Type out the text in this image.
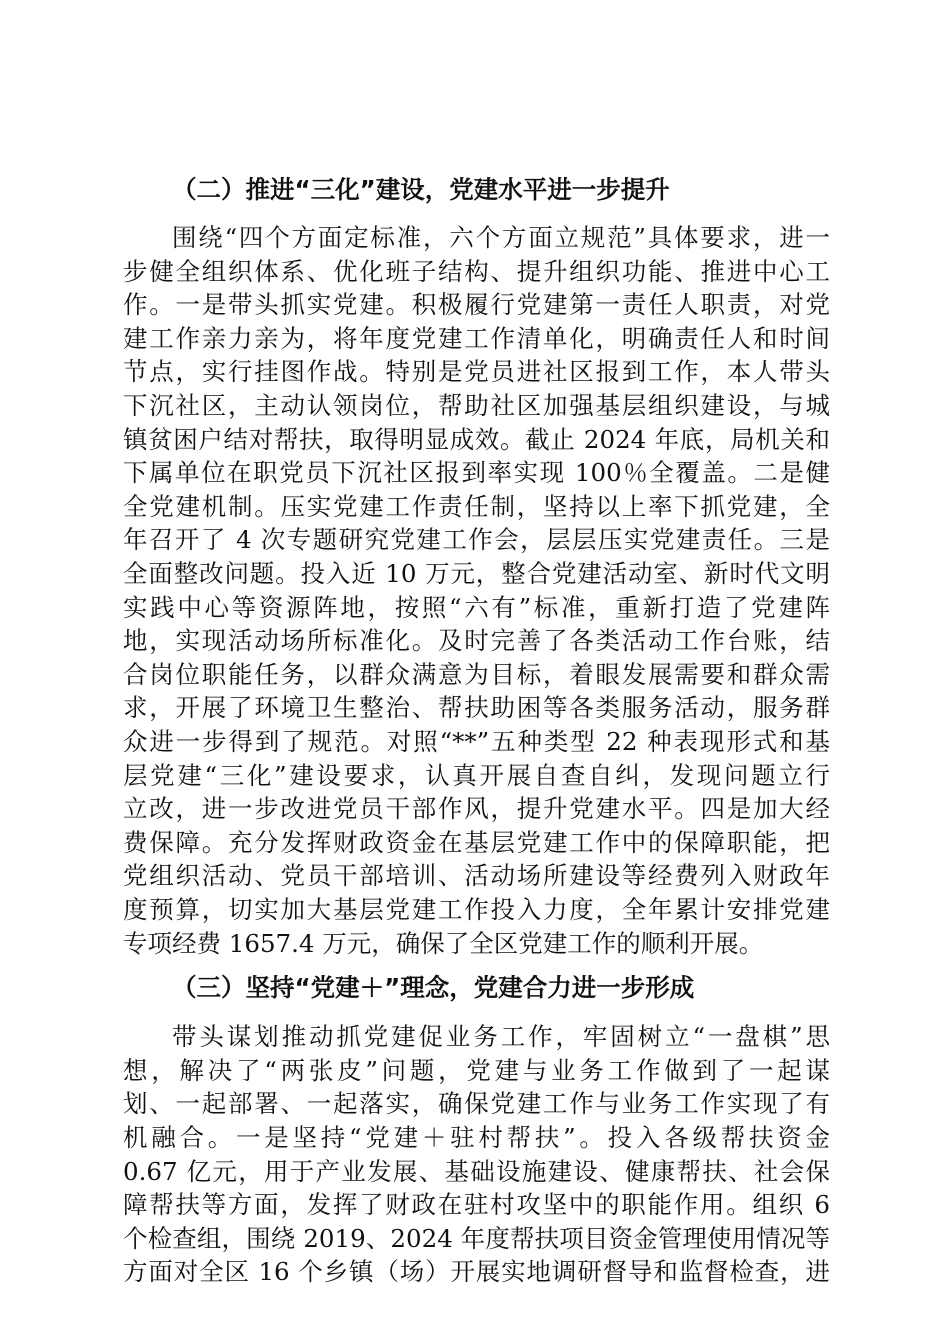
（二）推进“三化”建设，党建水平进一步提升
围绕“四个方面定标准，六个方面立规范”具体要求，进一
步健全组织体系、优化班子结构、提升组织功能、推进中心工
作。一是带头抓实党建。积极履行党建第一责任人职责，对党
建工作亲力亲为，将年度党建工作清单化，明确责任人和时间
节点，实行挂图作战。特别是党员进社区报到工作，本人带头
下沉社区，主动认领岗位，帮助社区加强基层组织建设，与城
镇贫困户结对帮扶，取得明显成效。截止 2024 年底，局机关和
下属单位在职党员下沉社区报到率实现 100％全覆盖。二是健
全党建机制。压实党建工作责任制，坚持以上率下抓党建，全
年召开了 4 次专题研究党建工作会，层层压实党建责任。三是
全面整改问题。投入近 10 万元，整合党建活动室、新时代文明
实践中心等资源阵地，按照“六有”标准，重新打造了党建阵
地，实现活动场所标准化。及时完善了各类活动工作台账，结
合岗位职能任务，以群众满意为目标，着眼发展需要和群众需
求，开展了环境卫生整治、帮扶助困等各类服务活动，服务群
众进一步得到了规范。对照“**”五种类型 22 种表现形式和基
层党建“三化”建设要求，认真开展自查自纠，发现问题立行
立改，进一步改进党员干部作风，提升党建水平。四是加大经
费保障。充分发挥财政资金在基层党建工作中的保障职能，把
党组织活动、党员干部培训、活动场所建设等经费列入财政年
度预算，切实加大基层党建工作投入力度，全年累计安排党建
专项经费 1657.4 万元，确保了全区党建工作的顺利开展。
（三）坚持“党建＋”理念，党建合力进一步形成
带头谋划推动抓党建促业务工作，牢固树立“一盘棋”思
想，解决了“两张皮”问题，党建与业务工作做到了一起谋
划、一起部署、一起落实，确保党建工作与业务工作实现了有
机融合。一是坚持“党建＋驻村帮扶”。投入各级帮扶资金
0.67 亿元，用于产业发展、基础设施建设、健康帮扶、社会保
障帮扶等方面，发挥了财政在驻村攻坚中的职能作用。组织 6
个检查组，围绕 2019、2024 年度帮扶项目资金管理使用情况等
方面对全区 16 个乡镇（场）开展实地调研督导和监督检查，进
